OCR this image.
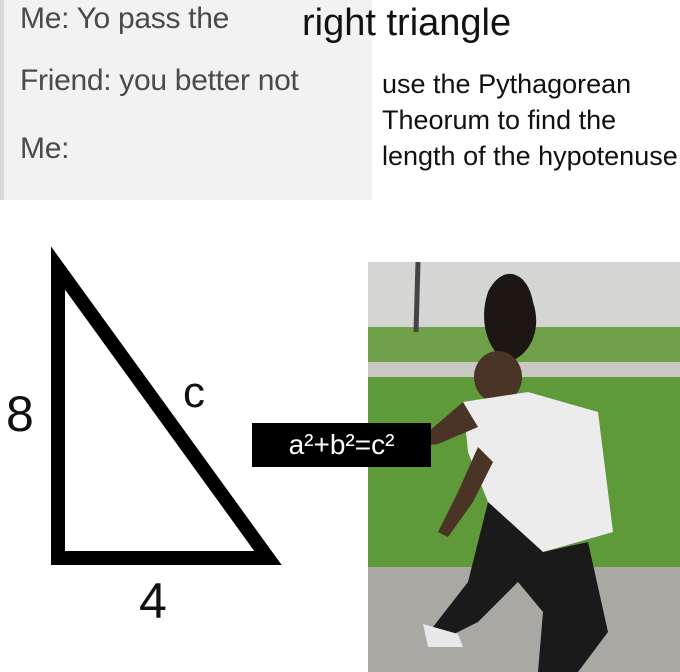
Me: Yo pass the
Friend: you better not
Me:
right triangle
use the Pythagorean Theorum to find the length of the hypotenuse
8	c
4
a²+b²=c²
